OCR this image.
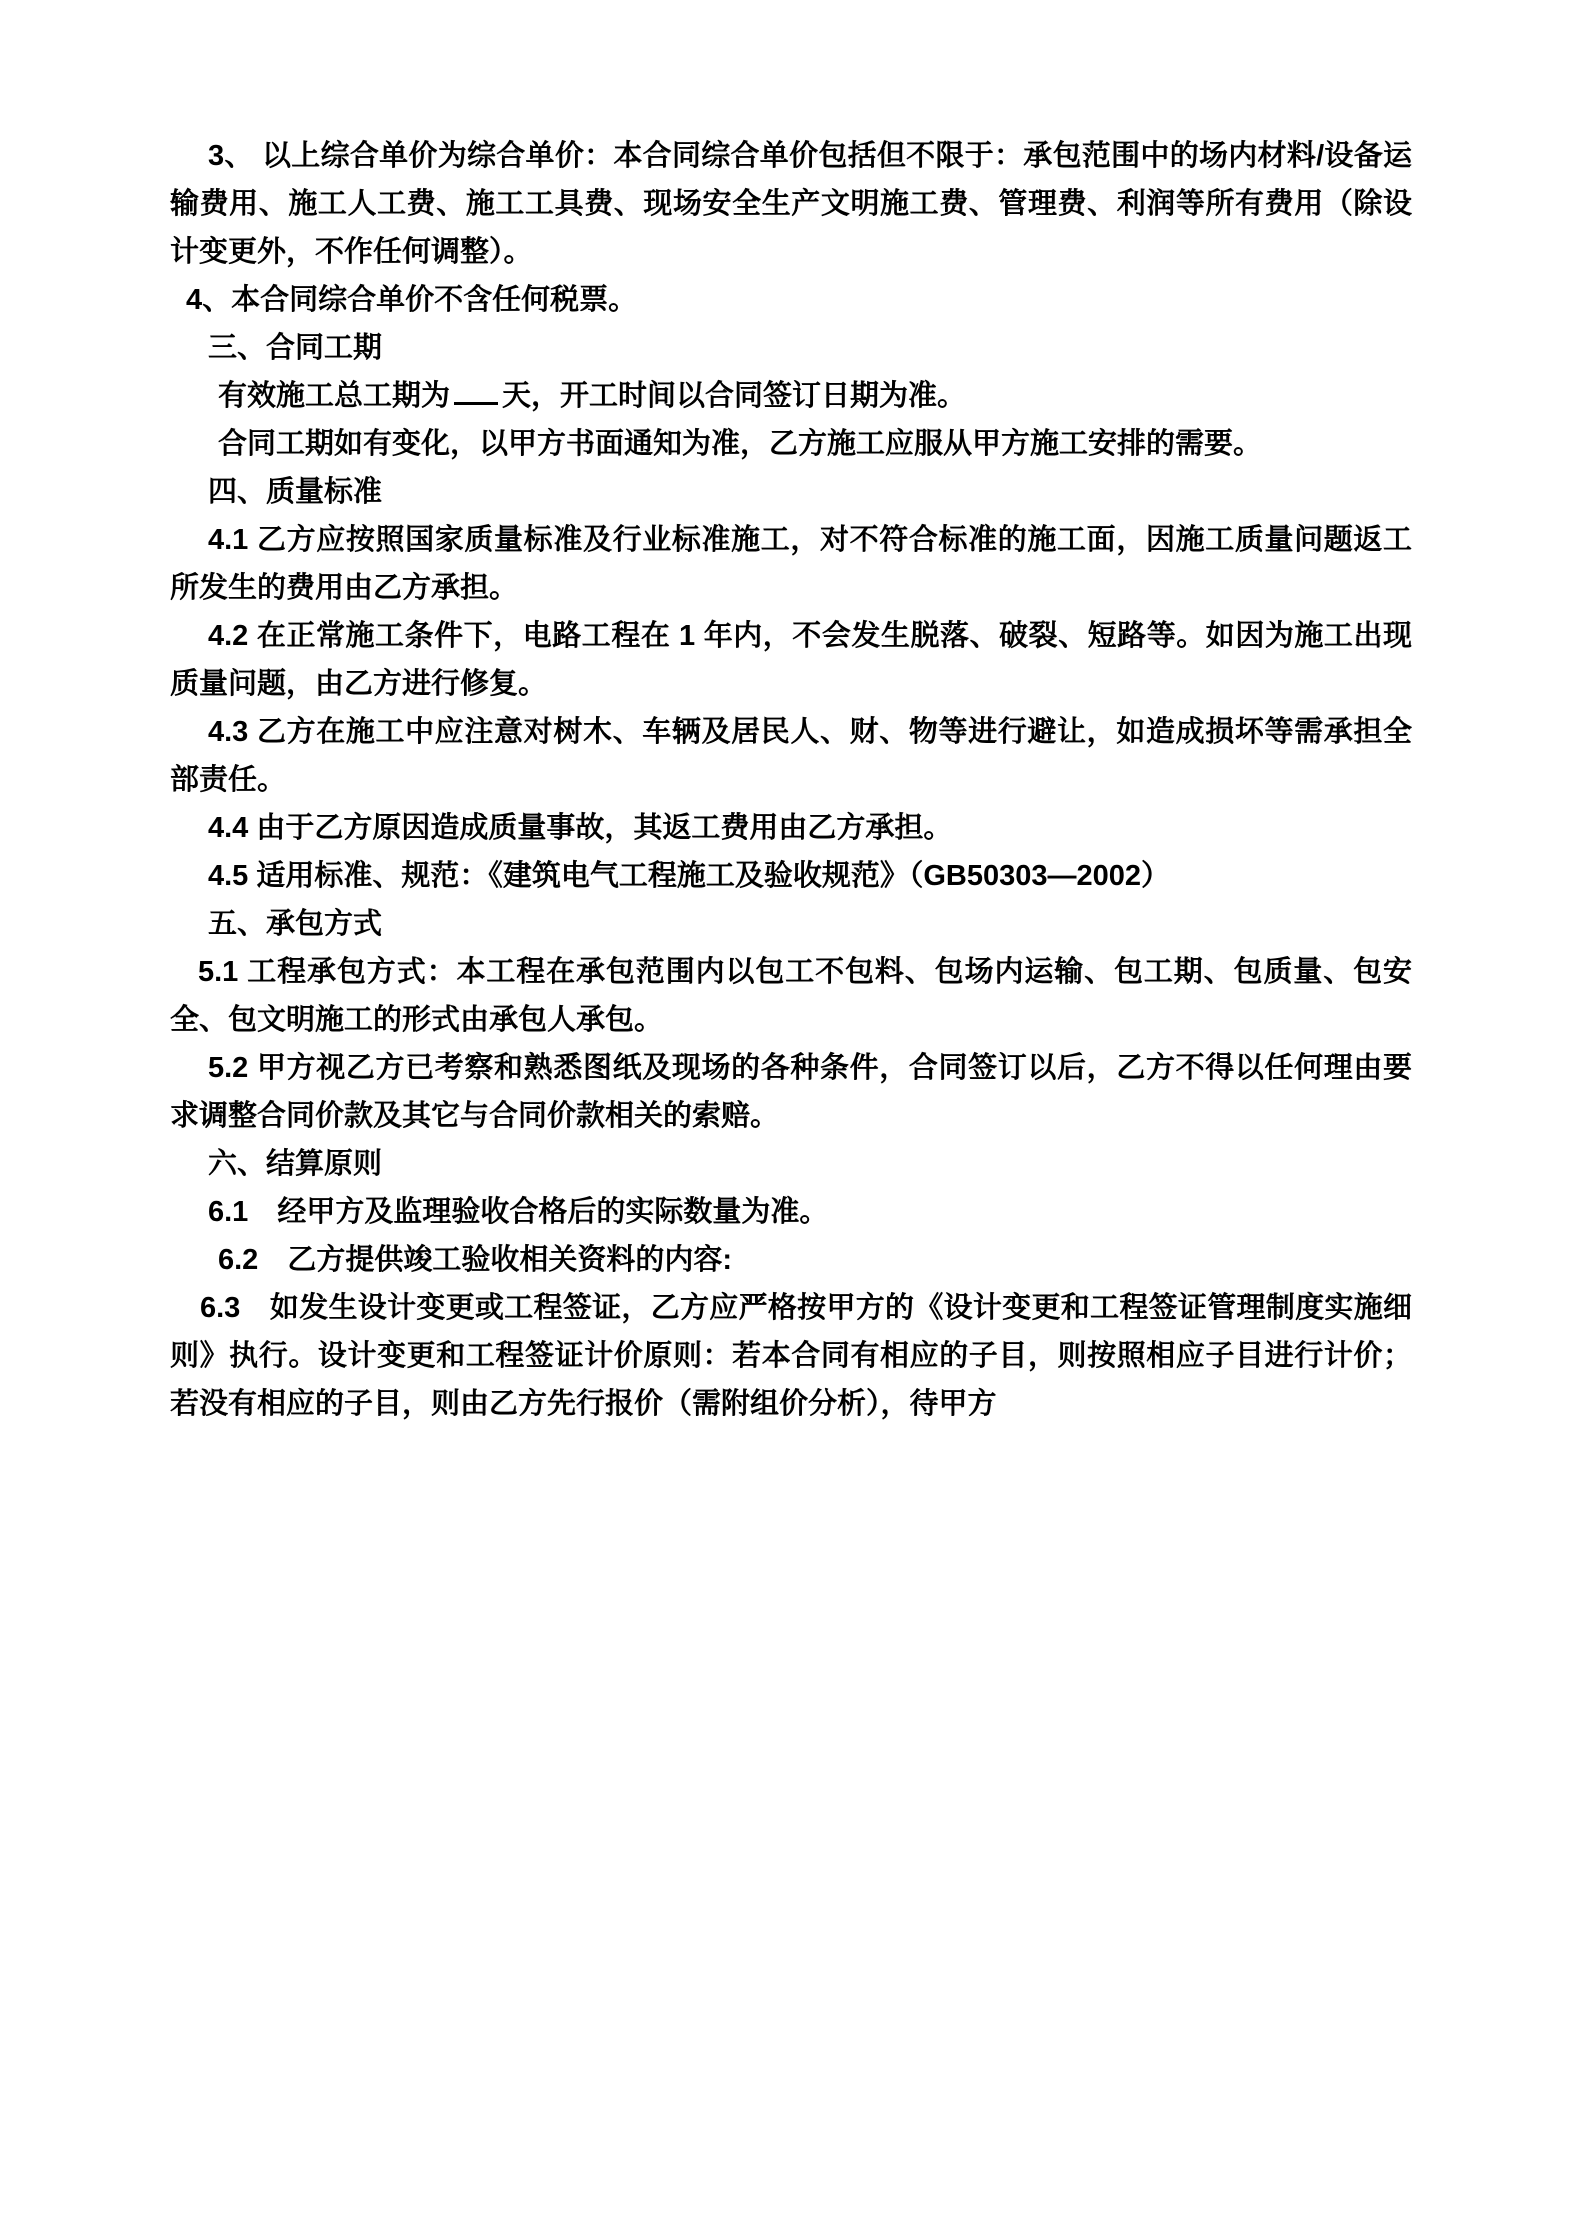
3、 以上综合单价为综合单价：本合同综合单价包括但不限于：承包范围中的场内材料/设备运输费用、施工人工费、施工工具费、现场安全生产文明施工费、管理费、利润等所有费用（除设计变更外，不作任何调整）。

4、本合同综合单价不含任何税票。

三、合同工期

有效施工总工期为 天，开工时间以合同签订日期为准。

合同工期如有变化，以甲方书面通知为准，乙方施工应服从甲方施工安排的需要。

四、质量标准

4.1 乙方应按照国家质量标准及行业标准施工，对不符合标准的施工面，因施工质量问题返工所发生的费用由乙方承担。

4.2 在正常施工条件下，电路工程在 1 年内，不会发生脱落、破裂、短路等。如因为施工出现质量问题，由乙方进行修复。

4.3 乙方在施工中应注意对树木、车辆及居民人、财、物等进行避让，如造成损坏等需承担全部责任。

4.4 由于乙方原因造成质量事故，其返工费用由乙方承担。

4.5 适用标准、规范：《建筑电气工程施工及验收规范》（GB50303—2002）

五、承包方式

5.1 工程承包方式：本工程在承包范围内以包工不包料、包场内运输、包工期、包质量、包安全、包文明施工的形式由承包人承包。

5.2 甲方视乙方已考察和熟悉图纸及现场的各种条件，合同签订以后，乙方不得以任何理由要求调整合同价款及其它与合同价款相关的索赔。

六、结算原则

6.1　经甲方及监理验收合格后的实际数量为准。

6.2　乙方提供竣工验收相关资料的内容:

6.3　如发生设计变更或工程签证，乙方应严格按甲方的《设计变更和工程签证管理制度实施细则》执行。设计变更和工程签证计价原则：若本合同有相应的子目，则按照相应子目进行计价；若没有相应的子目，则由乙方先行报价（需附组价分析），待甲方
